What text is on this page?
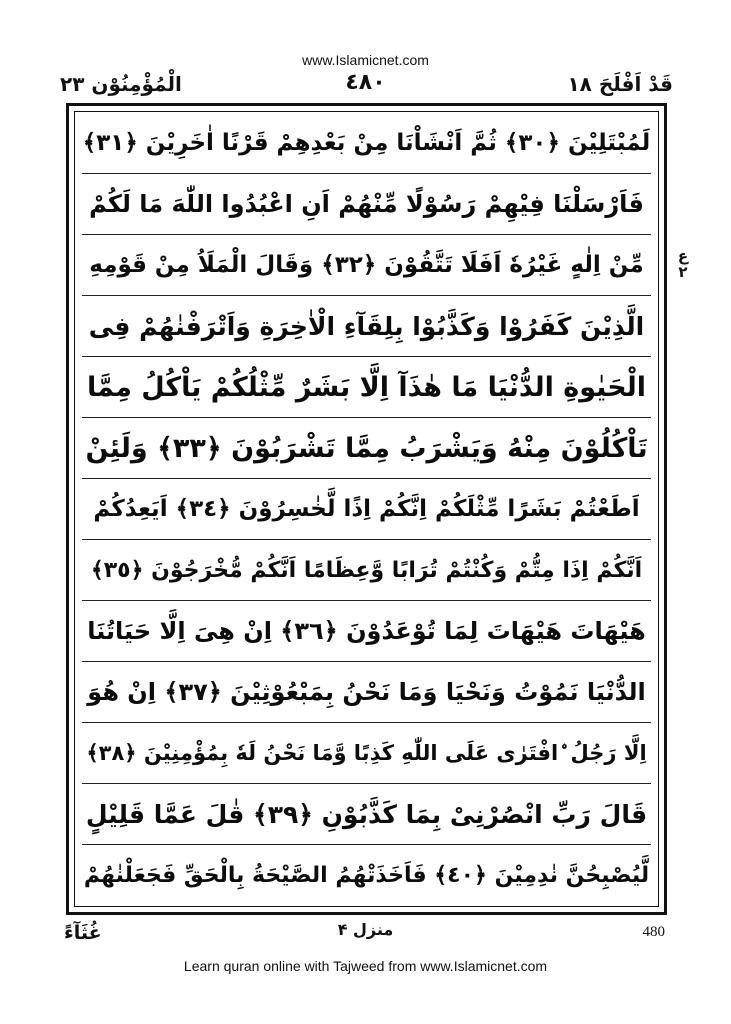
www.Islamicnet.com
الْمُؤْمِنُوْن ٢٣	٤٨٠	قَدْ اَفْلَحَ ١٨
لَمُبْتَلِيْنَ ﴿٣٠﴾ ثُمَّ اَنْشَاْنَا مِنْ بَعْدِهِمْ قَرْنًا اٰخَرِيْنَ ﴿٣١﴾
فَاَرْسَلْنَا فِيْهِمْ رَسُوْلًا مِّنْهُمْ اَنِ اعْبُدُوا اللّٰهَ مَا لَكُمْ
مِّنْ اِلٰهٍ غَيْرُهٗ اَفَلَا تَتَّقُوْنَ ﴿٣٢﴾ وَقَالَ الْمَلَاُ مِنْ قَوْمِهِ
الَّذِيْنَ كَفَرُوْا وَكَذَّبُوْا بِلِقَآءِ الْاٰخِرَةِ وَاَتْرَفْنٰهُمْ فِى
الْحَيٰوةِ الدُّنْيَا مَا هٰذَآ اِلَّا بَشَرٌ مِّثْلُكُمْ يَاْكُلُ مِمَّا
تَاْكُلُوْنَ مِنْهُ وَيَشْرَبُ مِمَّا تَشْرَبُوْنَ ﴿٣٣﴾ وَلَئِنْ
اَطَعْتُمْ بَشَرًا مِّثْلَكُمْ اِنَّكُمْ اِذًا لَّخٰسِرُوْنَ ﴿٣٤﴾ اَيَعِدُكُمْ
اَنَّكُمْ اِذَا مِتُّمْ وَكُنْتُمْ تُرَابًا وَّعِظَامًا اَنَّكُمْ مُّخْرَجُوْنَ ﴿٣٥﴾
هَيْهَاتَ هَيْهَاتَ لِمَا تُوْعَدُوْنَ ﴿٣٦﴾ اِنْ هِىَ اِلَّا حَيَاتُنَا
الدُّنْيَا نَمُوْتُ وَنَحْيَا وَمَا نَحْنُ بِمَبْعُوْثِيْنَ ﴿٣٧﴾ اِنْ هُوَ
اِلَّا رَجُلُ ۨافْتَرٰى عَلَى اللّٰهِ كَذِبًا وَّمَا نَحْنُ لَهٗ بِمُؤْمِنِيْنَ ﴿٣٨﴾
قَالَ رَبِّ انْصُرْنِىْ بِمَا كَذَّبُوْنِ ﴿٣٩﴾ قٰلَ عَمَّا قَلِيْلٍ
لَّيُصْبِحُنَّ نٰدِمِيْنَ ﴿٤٠﴾ فَاَخَذَتْهُمُ الصَّيْحَةُ بِالْحَقِّ فَجَعَلْنٰهُمْ
ع ٢
غُثَآءً	منزل ۴	480
Learn quran online with Tajweed from www.Islamicnet.com
